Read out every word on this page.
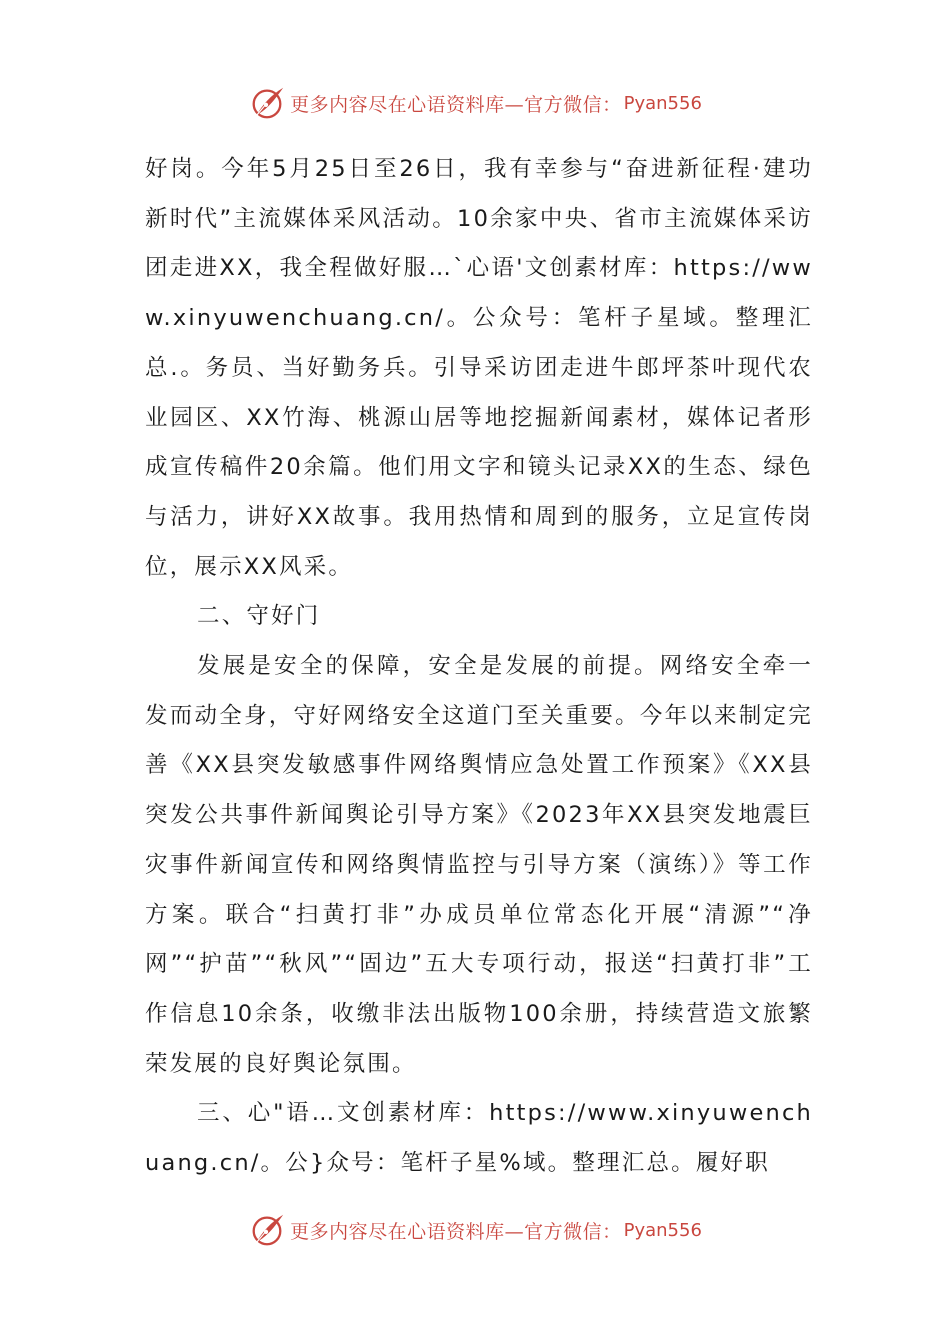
更多内容尽在心语资料库—官方微信： Pyan556

好岗。今年5月25日至26日，我有幸参与“奋进新征程·建功新时代”主流媒体采风活动。10余家中央、省市主流媒体采访团走进XX，我全程做好服…`心语'文创素材库：https://www.xinyuwenchuang.cn/。公众号：笔杆子星域。整理汇总.。务员、当好勤务兵。引导采访团走进牛郎坪茶叶现代农业园区、XX竹海、桃源山居等地挖掘新闻素材，媒体记者形成宣传稿件20余篇。他们用文字和镜头记录XX的生态、绿色与活力，讲好XX故事。我用热情和周到的服务，立足宣传岗位，展示XX风采。

二、守好门

发展是安全的保障，安全是发展的前提。网络安全牵一发而动全身，守好网络安全这道门至关重要。今年以来制定完善《XX县突发敏感事件网络舆情应急处置工作预案》《XX县突发公共事件新闻舆论引导方案》《2023年XX县突发地震巨灾事件新闻宣传和网络舆情监控与引导方案（演练）》等工作方案。联合“扫黄打非”办成员单位常态化开展“清源”“净网”“护苗”“秋风”“固边”五大专项行动，报送“扫黄打非”工作信息10余条，收缴非法出版物100余册，持续营造文旅繁荣发展的良好舆论氛围。

三、心"语…文创素材库：https://www.xinyuwenchuang.cn/。公}众号：笔杆子星%域。整理汇总。履好职

更多内容尽在心语资料库—官方微信： Pyan556
